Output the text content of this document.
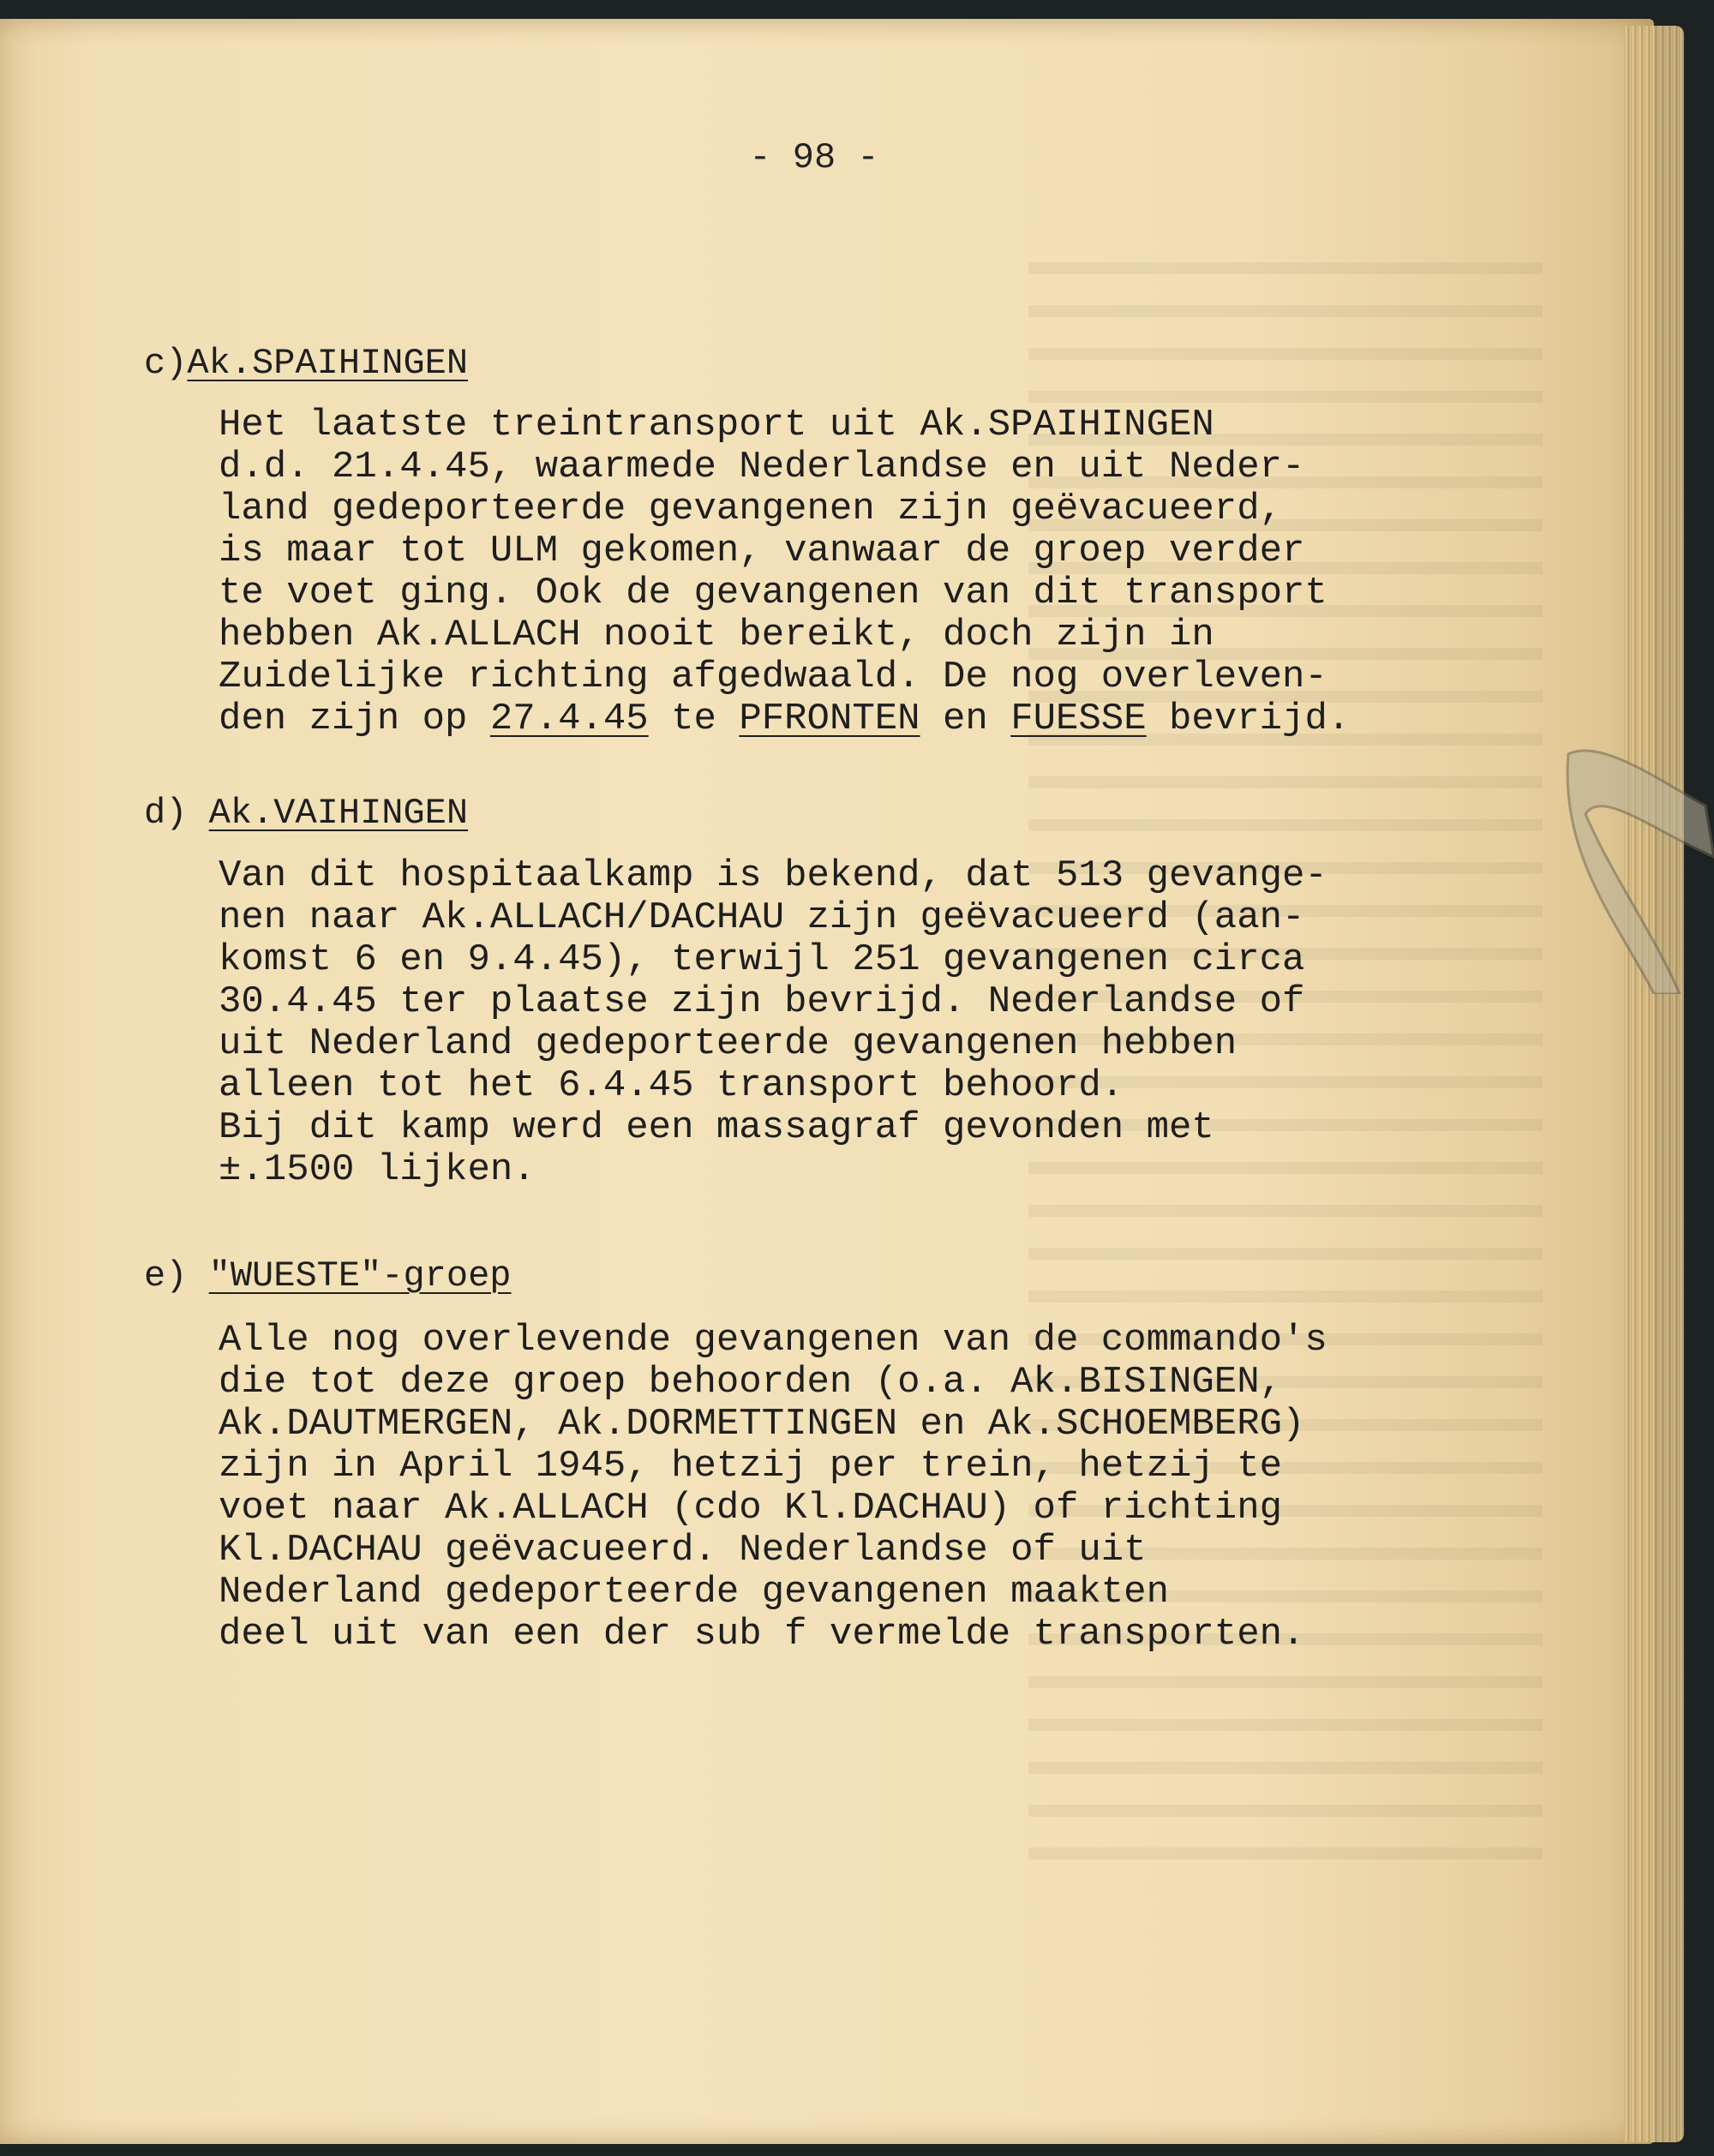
- 98 -
c)Ak.SPAIHINGEN
Het laatste treintransport uit Ak.SPAIHINGEN
d.d. 21.4.45, waarmede Nederlandse en uit Neder-
land gedeporteerde gevangenen zijn geëvacueerd,
is maar tot ULM gekomen, vanwaar de groep verder
te voet ging. Ook de gevangenen van dit transport
hebben Ak.ALLACH nooit bereikt, doch zijn in
Zuidelijke richting afgedwaald. De nog overleven-
den zijn op 27.4.45 te PFRONTEN en FUESSE bevrijd.
d) Ak.VAIHINGEN
Van dit hospitaalkamp is bekend, dat 513 gevange-
nen naar Ak.ALLACH/DACHAU zijn geëvacueerd (aan-
komst 6 en 9.4.45), terwijl 251 gevangenen circa
30.4.45 ter plaatse zijn bevrijd. Nederlandse of
uit Nederland gedeporteerde gevangenen hebben
alleen tot het 6.4.45 transport behoord.
Bij dit kamp werd een massagraf gevonden met
±.1500 lijken.
e) "WUESTE"-groep
Alle nog overlevende gevangenen van de commando's
die tot deze groep behoorden (o.a. Ak.BISINGEN,
Ak.DAUTMERGEN, Ak.DORMETTINGEN en Ak.SCHOEMBERG)
zijn in April 1945, hetzij per trein, hetzij te
voet naar Ak.ALLACH (cdo Kl.DACHAU) of richting
Kl.DACHAU geëvacueerd. Nederlandse of uit
Nederland gedeporteerde gevangenen maakten
deel uit van een der sub f vermelde transporten.
